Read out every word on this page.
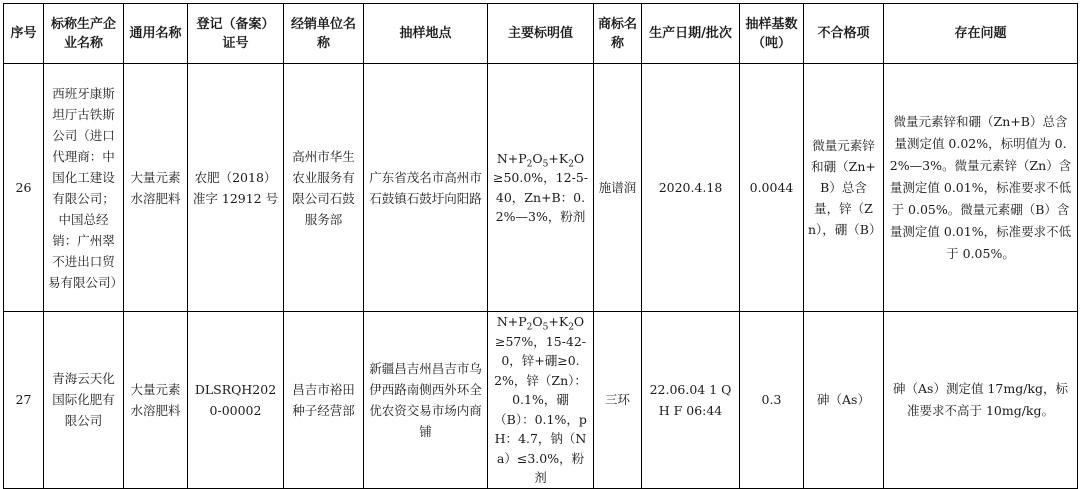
序号	标称生产企业名称	通用名称	登记（备案）证号	经销单位名称	抽样地点	主要标明值	商标名称	生产日期/批次	抽样基数（吨）	不合格项	存在问题
26	西班牙康斯坦厅古铁斯公司（进口代理商：中国化工建设有限公司；中国总经销：广州翠不进出口贸易有限公司）	大量元素水溶肥料	农肥（2018）准字 12912 号	高州市华生农业服务有限公司石鼓服务部	广东省茂名市高州市石鼓镇石鼓圩向阳路	$N+P_2O_5+K_2O\ge 50.0\%$，12-5-40，Zn+B：0.2%—3%，粉剂	施谱润	2020.4.18	0.0044	微量元素锌和硼（Zn+B）总含量，锌（Zn），硼（B）	微量元素锌和硼（Zn+B）总含量测定值 0.02%，标明值为 0.2%—3%。微量元素锌（Zn）含量测定值 0.01%，标准要求不低于 0.05%。微量元素硼（B）含量测定值 0.01%，标准要求不低于 0.05%。
27	青海云天化国际化肥有限公司	大量元素水溶肥料	DLSRQH2020-00002	昌吉市裕田种子经营部	新疆昌吉州昌吉市乌伊西路南侧西外环全优农资交易市场内商铺	$N+P_2O_5+K_2O\ge 57\%$，15-42-0，锌+硼≥0.2%，锌（Zn）：0.1%，硼（B）：0.1%，pH：4.7，钠（Na）≤3.0%，粉剂	三环	22.06.04 1 QH F 06:44	0.3	砷（As）	砷（As）测定值 17mg/kg，标准要求不高于 10mg/kg。
